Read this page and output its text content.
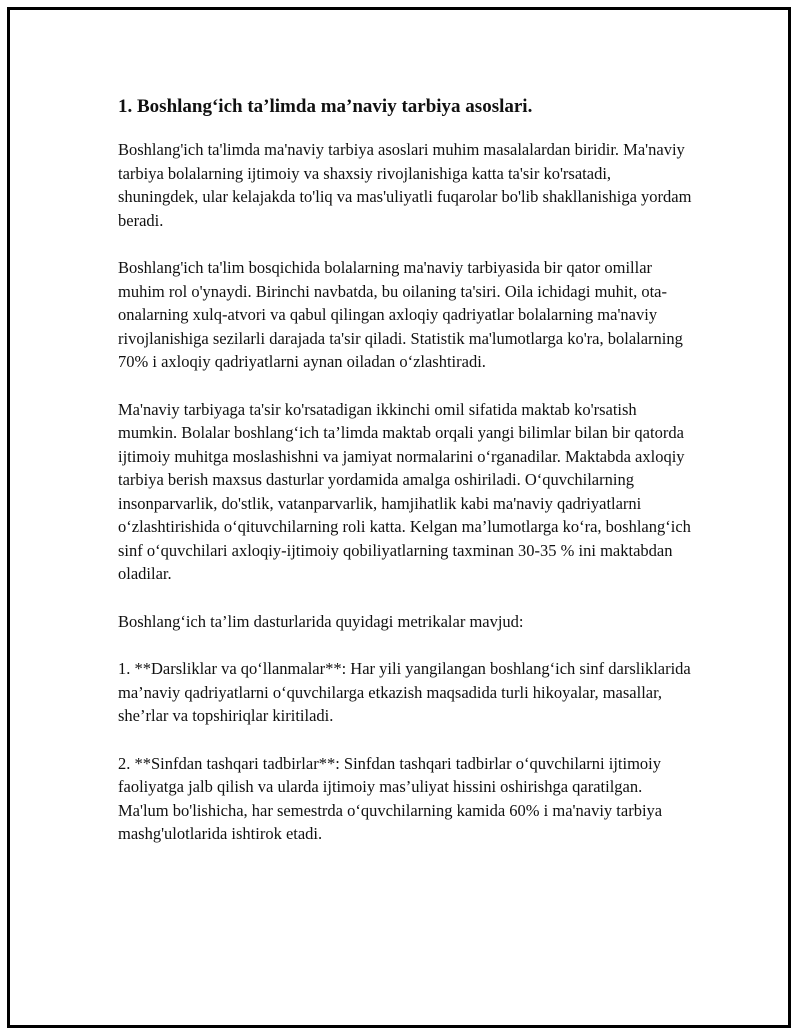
1. Boshlang‘ich ta’limda ma’naviy tarbiya asoslari.

Boshlang'ich ta'limda ma'naviy tarbiya asoslari muhim masalalardan biridir. Ma'naviy tarbiya bolalarning ijtimoiy va shaxsiy rivojlanishiga katta ta'sir ko'rsatadi, shuningdek, ular kelajakda to'liq va mas'uliyatli fuqarolar bo'lib shakllanishiga yordam beradi.

Boshlang'ich ta'lim bosqichida bolalarning ma'naviy tarbiyasida bir qator omillar muhim rol o'ynaydi. Birinchi navbatda, bu oilaning ta'siri. Oila ichidagi muhit, ota-onalarning xulq-atvori va qabul qilingan axloqiy qadriyatlar bolalarning ma'naviy rivojlanishiga sezilarli darajada ta'sir qiladi. Statistik ma'lumotlarga ko'ra, bolalarning 70% i axloqiy qadriyatlarni aynan oiladan o‘zlashtiradi.

Ma'naviy tarbiyaga ta'sir ko'rsatadigan ikkinchi omil sifatida maktab ko'rsatish mumkin. Bolalar boshlang‘ich ta’limda maktab orqali yangi bilimlar bilan bir qatorda ijtimoiy muhitga moslashishni va jamiyat normalarini o‘rganadilar. Maktabda axloqiy tarbiya berish maxsus dasturlar yordamida amalga oshiriladi. O‘quvchilarning insonparvarlik, do'stlik, vatanparvarlik, hamjihatlik kabi ma'naviy qadriyatlarni o‘zlashtirishida o‘qituvchilarning roli katta. Kelgan ma’lumotlarga ko‘ra, boshlang‘ich sinf o‘quvchilari axloqiy-ijtimoiy qobiliyatlarning taxminan 30-35 % ini maktabdan oladilar.

Boshlang‘ich ta’lim dasturlarida quyidagi metrikalar mavjud:

1. **Darsliklar va qo‘llanmalar**: Har yili yangilangan boshlang‘ich sinf darsliklarida ma’naviy qadriyatlarni o‘quvchilarga etkazish maqsadida turli hikoyalar, masallar, she’rlar va topshiriqlar kiritiladi.

2. **Sinfdan tashqari tadbirlar**: Sinfdan tashqari tadbirlar o‘quvchilarni ijtimoiy faoliyatga jalb qilish va ularda ijtimoiy mas’uliyat hissini oshirishga qaratilgan. Ma'lum bo'lishicha, har semestrda o‘quvchilarning kamida 60% i ma'naviy tarbiya mashg'ulotlarida ishtirok etadi.
